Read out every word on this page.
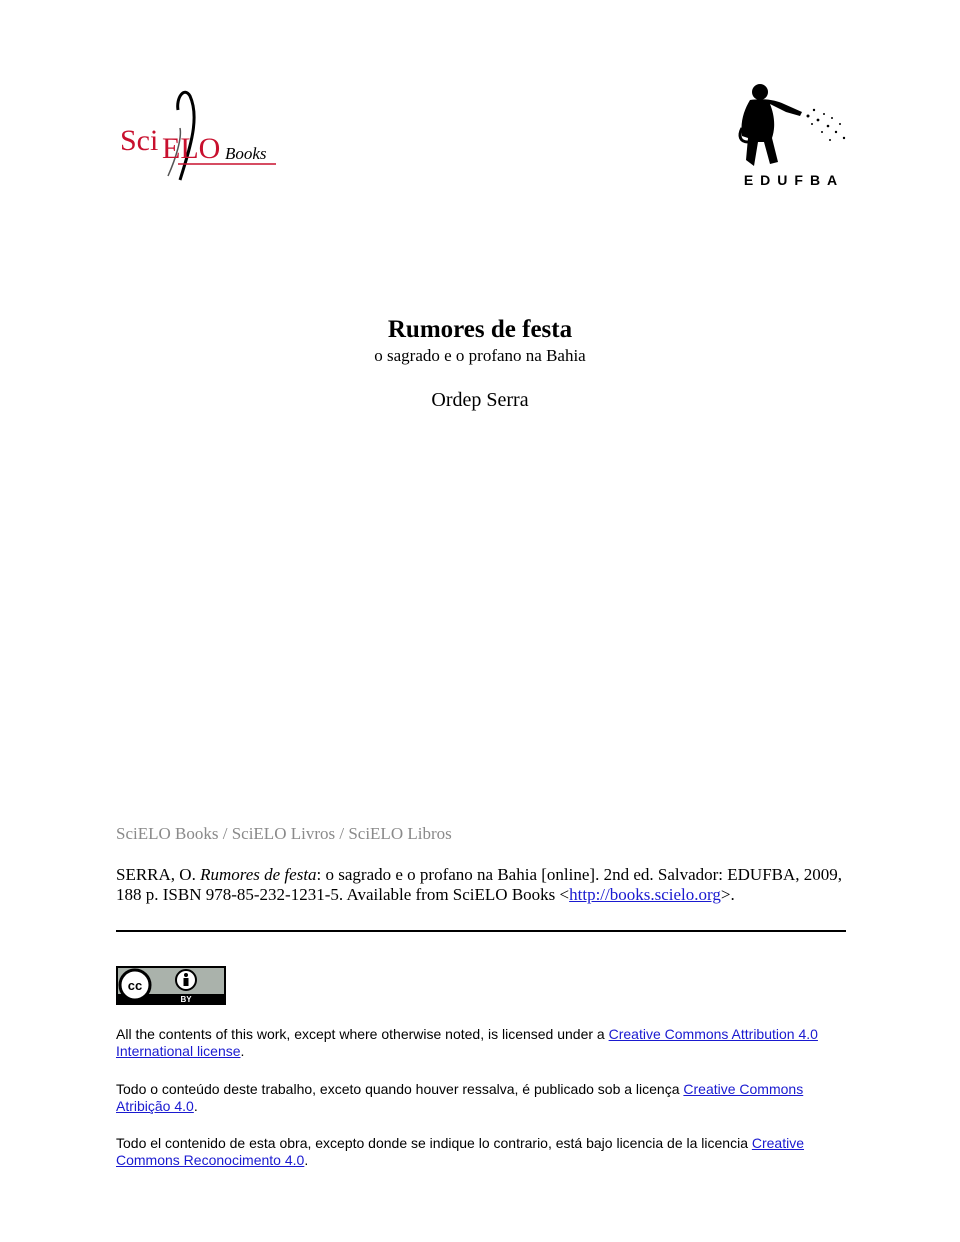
Sci ELO Books
EDUFBA
Rumores de festa

o sagrado e o profano na Bahia

Ordep Serra
SciELO Books / SciELO Livros / SciELO Libros
SERRA, O. Rumores de festa: o sagrado e o profano na Bahia [online]. 2nd ed. Salvador: EDUFBA, 2009, 188 p. ISBN 978-85-232-1231-5. Available from SciELO Books <http://books.scielo.org>.
cc
BY
All the contents of this work, except where otherwise noted, is licensed under a Creative Commons Attribution 4.0 International license.
Todo o conteúdo deste trabalho, exceto quando houver ressalva, é publicado sob a licença Creative Commons Atribição 4.0.
Todo el contenido de esta obra, excepto donde se indique lo contrario, está bajo licencia de la licencia Creative Commons Reconocimento 4.0.
